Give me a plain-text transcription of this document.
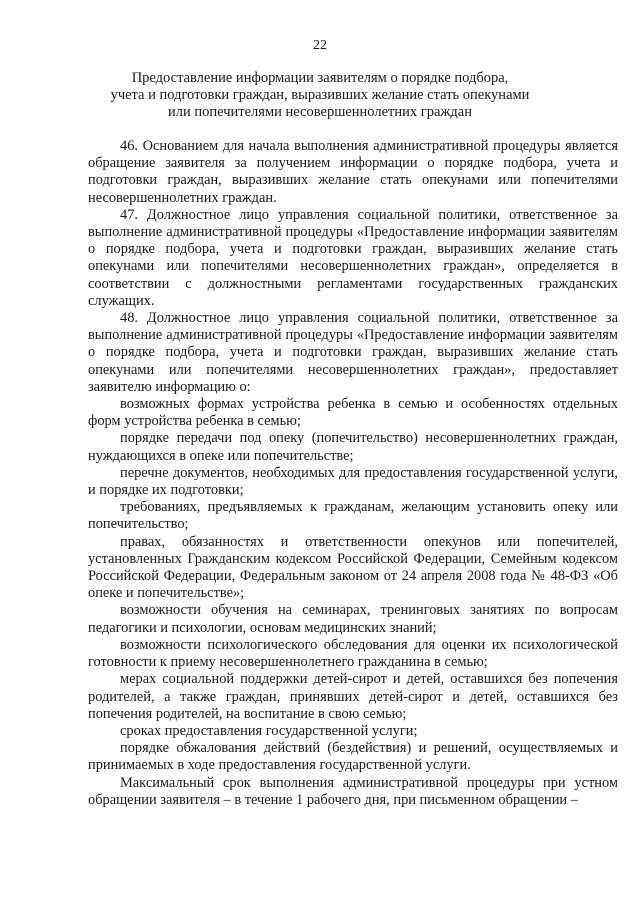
22
Предоставление информации заявителям о порядке подбора,
учета и подготовки граждан, выразивших желание стать опекунами
или попечителями несовершеннолетних граждан

46. Основанием для начала выполнения административной процедуры является обращение заявителя за получением информации о порядке подбора, учета и подготовки граждан, выразивших желание стать опекунами или попечителями несовершеннолетних граждан.

47. Должностное лицо управления социальной политики, ответственное за выполнение административной процедуры «Предоставление информации заявителям о порядке подбора, учета и подготовки граждан, выразивших желание стать опекунами или попечителями несовершеннолетних граждан», определяется в соответствии с должностными регламентами государственных гражданских служащих.

48. Должностное лицо управления социальной политики, ответственное за выполнение административной процедуры «Предоставление информации заявителям о порядке подбора, учета и подготовки граждан, выразивших желание стать опекунами или попечителями несовершеннолетних граждан», предоставляет заявителю информацию о:

возможных формах устройства ребенка в семью и особенностях отдельных форм устройства ребенка в семью;

порядке передачи под опеку (попечительство) несовершеннолетних граждан, нуждающихся в опеке или попечительстве;

перечне документов, необходимых для предоставления государственной услуги, и порядке их подготовки;

требованиях, предъявляемых к гражданам, желающим установить опеку или попечительство;

правах, обязанностях и ответственности опекунов или попечителей, установленных Гражданским кодексом Российской Федерации, Семейным кодексом Российской Федерации, Федеральным законом от 24 апреля 2008 года № 48-ФЗ «Об опеке и попечительстве»;

возможности обучения на семинарах, тренинговых занятиях по вопросам педагогики и психологии, основам медицинских знаний;

возможности психологического обследования для оценки их психологической готовности к приему несовершеннолетнего гражданина в семью;

мерах социальной поддержки детей-сирот и детей, оставшихся без попечения родителей, а также граждан, принявших детей-сирот и детей, оставшихся без попечения родителей, на воспитание в свою семью;

сроках предоставления государственной услуги;

порядке обжалования действий (бездействия) и решений, осуществляемых и принимаемых в ходе предоставления государственной услуги.

Максимальный срок выполнения административной процедуры при устном обращении заявителя – в течение 1 рабочего дня, при письменном обращении –
